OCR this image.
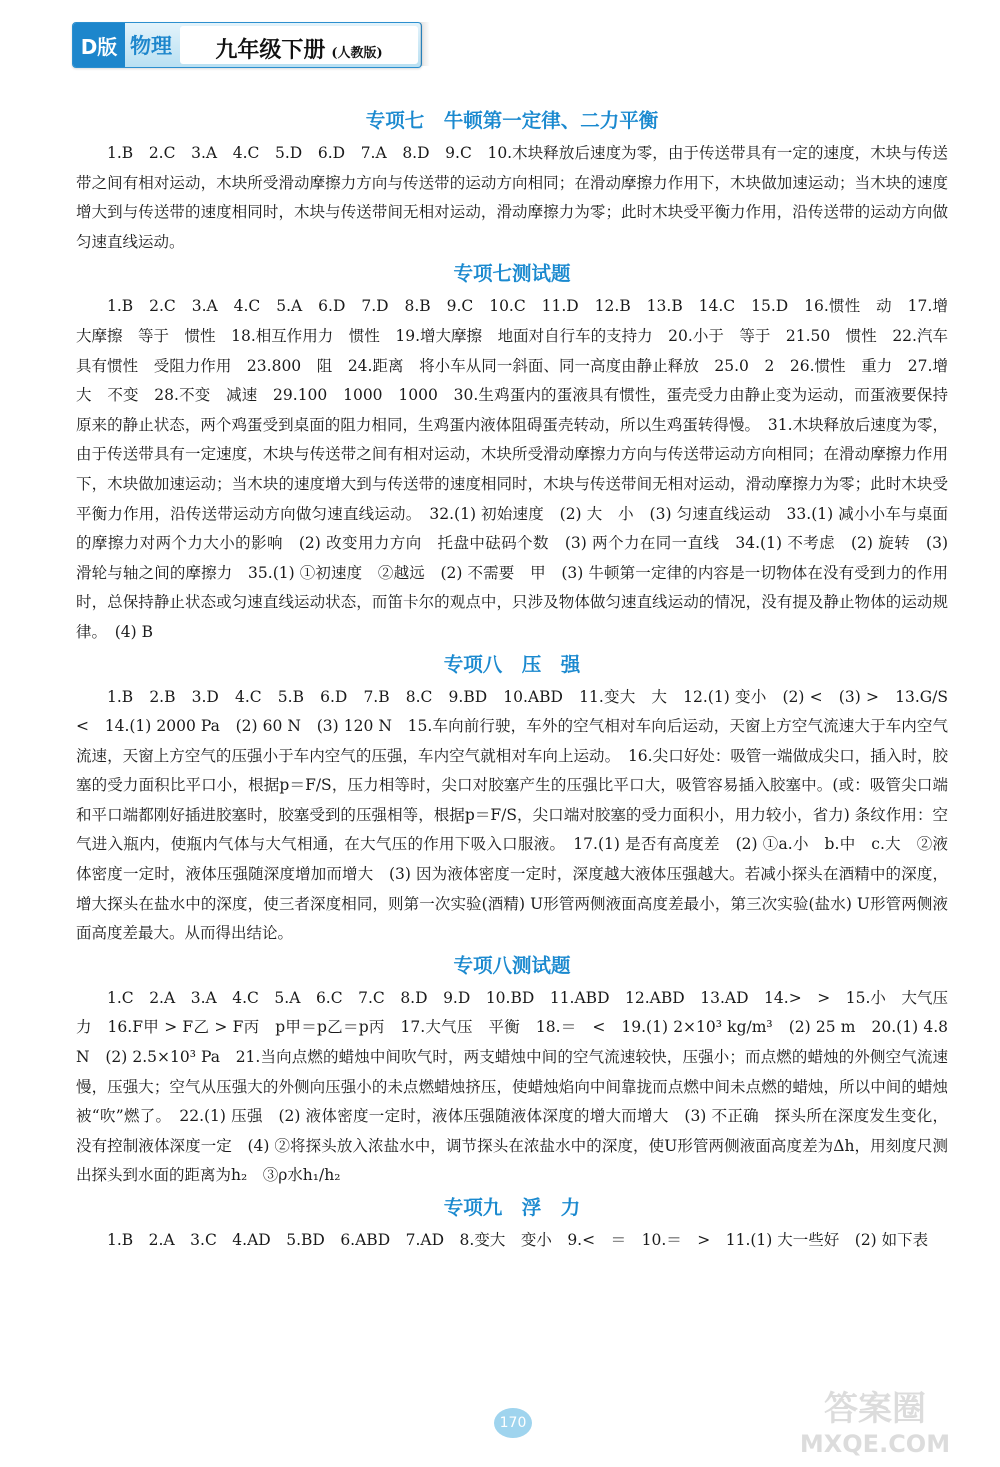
D版 物理 九年级下册 (人教版)
专项七　牛顿第一定律、二力平衡

1.B　2.C　3.A　4.C　5.D　6.D　7.A　8.D　9.C　10.木块释放后速度为零，由于传送带具有一定的速度，木块与传送带之间有相对运动，木块所受滑动摩擦力方向与传送带的运动方向相同；在滑动摩擦力作用下，木块做加速运动；当木块的速度增大到与传送带的速度相同时，木块与传送带间无相对运动，滑动摩擦力为零；此时木块受平衡力作用，沿传送带的运动方向做匀速直线运动。

专项七测试题

1.B　2.C　3.A　4.C　5.A　6.D　7.D　8.B　9.C　10.C　11.D　12.B　13.B　14.C　15.D　16.惯性　动　17.增大摩擦　等于　惯性　18.相互作用力　惯性　19.增大摩擦　地面对自行车的支持力　20.小于　等于　21.50　惯性　22.汽车具有惯性　受阻力作用　23.800　阻　24.距离　将小车从同一斜面、同一高度由静止释放　25.0　2　26.惯性　重力　27.增大　不变　28.不变　减速　29.100　1000　1000　30.生鸡蛋内的蛋液具有惯性，蛋壳受力由静止变为运动，而蛋液要保持原来的静止状态，两个鸡蛋受到桌面的阻力相同，生鸡蛋内液体阻碍蛋壳转动，所以生鸡蛋转得慢。　31.木块释放后速度为零，由于传送带具有一定速度，木块与传送带之间有相对运动，木块所受滑动摩擦力方向与传送带运动方向相同；在滑动摩擦力作用下，木块做加速运动；当木块的速度增大到与传送带的速度相同时，木块与传送带间无相对运动，滑动摩擦力为零；此时木块受平衡力作用，沿传送带运动方向做匀速直线运动。　32.(1) 初始速度　(2) 大　小　(3) 匀速直线运动　33.(1) 减小小车与桌面的摩擦力对两个力大小的影响　(2) 改变用力方向　托盘中砝码个数　(3) 两个力在同一直线　34.(1) 不考虑　(2) 旋转　(3) 滑轮与轴之间的摩擦力　35.(1) ①初速度　②越远　(2) 不需要　甲　(3) 牛顿第一定律的内容是一切物体在没有受到力的作用时，总保持静止状态或匀速直线运动状态，而笛卡尔的观点中，只涉及物体做匀速直线运动的情况，没有提及静止物体的运动规律。　(4) B

专项八　压　强

1.B　2.B　3.D　4.C　5.B　6.D　7.B　8.C　9.BD　10.ABD　11.变大　大　12.(1) 变小　(2) <　(3) >　13.G/S　<　14.(1) 2000 Pa　(2) 60 N　(3) 120 N　15.车向前行驶，车外的空气相对车向后运动，天窗上方空气流速大于车内空气流速，天窗上方空气的压强小于车内空气的压强，车内空气就相对车向上运动。　16.尖口好处：吸管一端做成尖口，插入时，胶塞的受力面积比平口小，根据p＝F/S，压力相等时，尖口对胶塞产生的压强比平口大，吸管容易插入胶塞中。(或：吸管尖口端和平口端都刚好插进胶塞时，胶塞受到的压强相等，根据p＝F/S，尖口端对胶塞的受力面积小，用力较小，省力) 条纹作用：空气进入瓶内，使瓶内气体与大气相通，在大气压的作用下吸入口服液。　17.(1) 是否有高度差　(2) ①a.小　b.中　c.大　②液体密度一定时，液体压强随深度增加而增大　(3) 因为液体密度一定时，深度越大液体压强越大。若减小探头在酒精中的深度，增大探头在盐水中的深度，使三者深度相同，则第一次实验(酒精) U形管两侧液面高度差最小，第三次实验(盐水) U形管两侧液面高度差最大。从而得出结论。

专项八测试题

1.C　2.A　3.A　4.C　5.A　6.C　7.C　8.D　9.D　10.BD　11.ABD　12.ABD　13.AD　14.>　>　15.小　大气压力　16.F甲 > F乙 > F丙　p甲＝p乙＝p丙　17.大气压　平衡　18.＝　<　19.(1) 2×10³ kg/m³　(2) 25 m　20.(1) 4.8 N　(2) 2.5×10³ Pa　21.当向点燃的蜡烛中间吹气时，两支蜡烛中间的空气流速较快，压强小；而点燃的蜡烛的外侧空气流速慢，压强大；空气从压强大的外侧向压强小的未点燃蜡烛挤压，使蜡烛焰向中间靠拢而点燃中间未点燃的蜡烛，所以中间的蜡烛被“吹”燃了。　22.(1) 压强　(2) 液体密度一定时，液体压强随液体深度的增大而增大　(3) 不正确　探头所在深度发生变化，没有控制液体深度一定　(4) ②将探头放入浓盐水中，调节探头在浓盐水中的深度，使U形管两侧液面高度差为Δh，用刻度尺测出探头到水面的距离为h₂　③ρ水h₁/h₂

专项九　浮　力

1.B　2.A　3.C　4.AD　5.BD　6.ABD　7.AD　8.变大　变小　9.<　＝　10.＝　>　11.(1) 大一些好　(2) 如下表

170	答案圈
MXQE.COM
